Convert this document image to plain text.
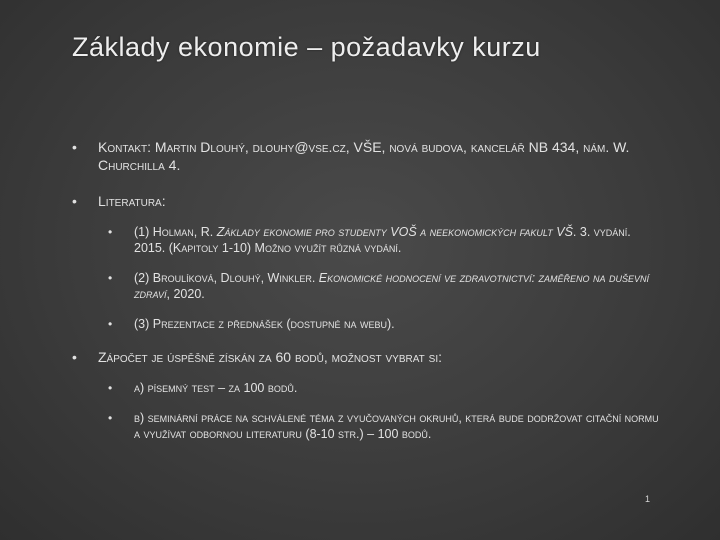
Základy ekonomie – požadavky kurzu
• Kontakt: Martin Dlouhý, dlouhy@vse.cz, VŠE, nová budova, kancelář NB 434, nám. W. Churchilla 4.
• Literatura:
• (1) Holman, R. Základy ekonomie pro studenty VOŠ a neekonomických fakult VŠ. 3. vydání. 2015. (Kapitoly 1-10) Možno využít různá vydání.
• (2) Broulíková, Dlouhý, Winkler. Ekonomické hodnocení ve zdravotnictví: zaměřeno na duševní zdraví, 2020.
• (3) Prezentace z přednášek (dostupné na webu).
• Zápočet je úspěšně získán za 60 bodů, možnost vybrat si:
• a) písemný test – za 100 bodů.
• b) seminární práce na schválené téma z vyučovaných okruhů, která bude dodržovat citační normu a využívat odbornou literaturu (8-10 str.) – 100 bodů.
1
